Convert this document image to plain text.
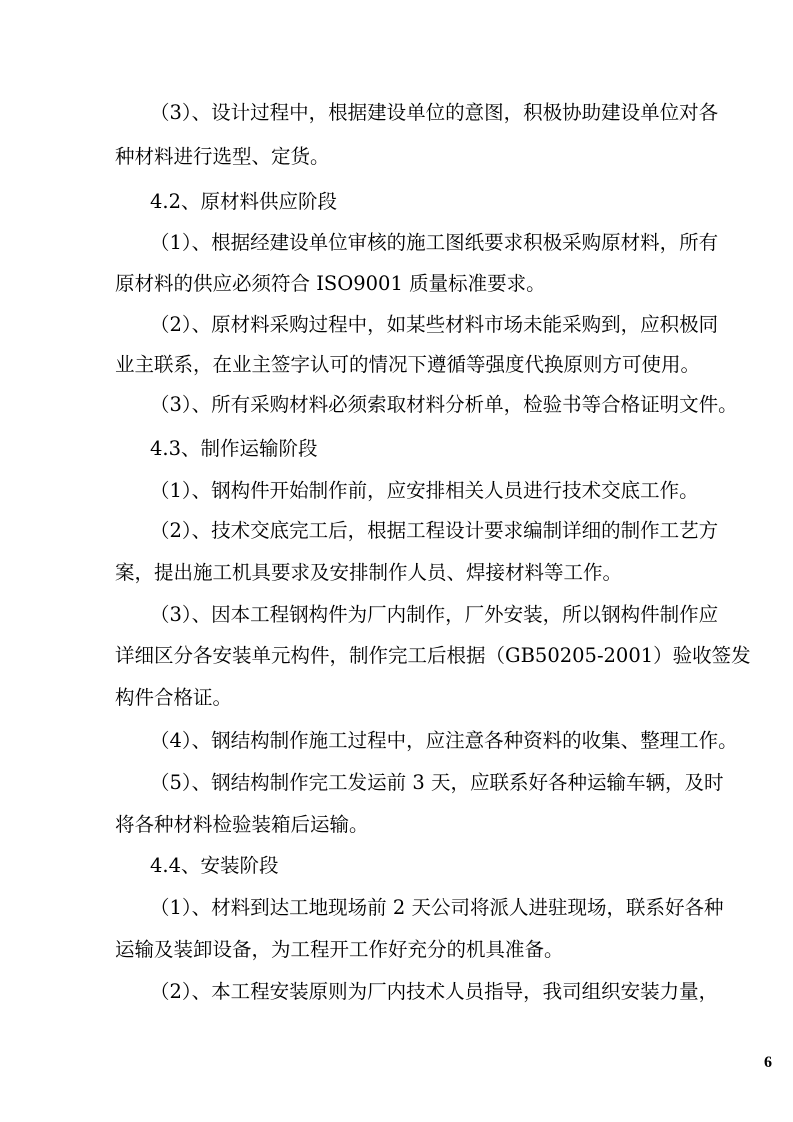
（3）、设计过程中，根据建设单位的意图，积极协助建设单位对各
种材料进行选型、定货。
4.2、原材料供应阶段
（1）、根据经建设单位审核的施工图纸要求积极采购原材料，所有
原材料的供应必须符合 ISO9001 质量标准要求。
（2）、原材料采购过程中，如某些材料市场未能采购到，应积极同
业主联系，在业主签字认可的情况下遵循等强度代换原则方可使用。
（3）、所有采购材料必须索取材料分析单，检验书等合格证明文件。
4.3、制作运输阶段
（1）、钢构件开始制作前，应安排相关人员进行技术交底工作。
（2）、技术交底完工后，根据工程设计要求编制详细的制作工艺方
案，提出施工机具要求及安排制作人员、焊接材料等工作。
（3）、因本工程钢构件为厂内制作，厂外安装，所以钢构件制作应
详细区分各安装单元构件，制作完工后根据（GB50205-2001）验收签发
构件合格证。
（4）、钢结构制作施工过程中，应注意各种资料的收集、整理工作。
（5）、钢结构制作完工发运前 3 天，应联系好各种运输车辆，及时
将各种材料检验装箱后运输。
4.4、安装阶段
（1）、材料到达工地现场前 2 天公司将派人进驻现场，联系好各种
运输及装卸设备，为工程开工作好充分的机具准备。
（2）、本工程安装原则为厂内技术人员指导，我司组织安装力量，
6
